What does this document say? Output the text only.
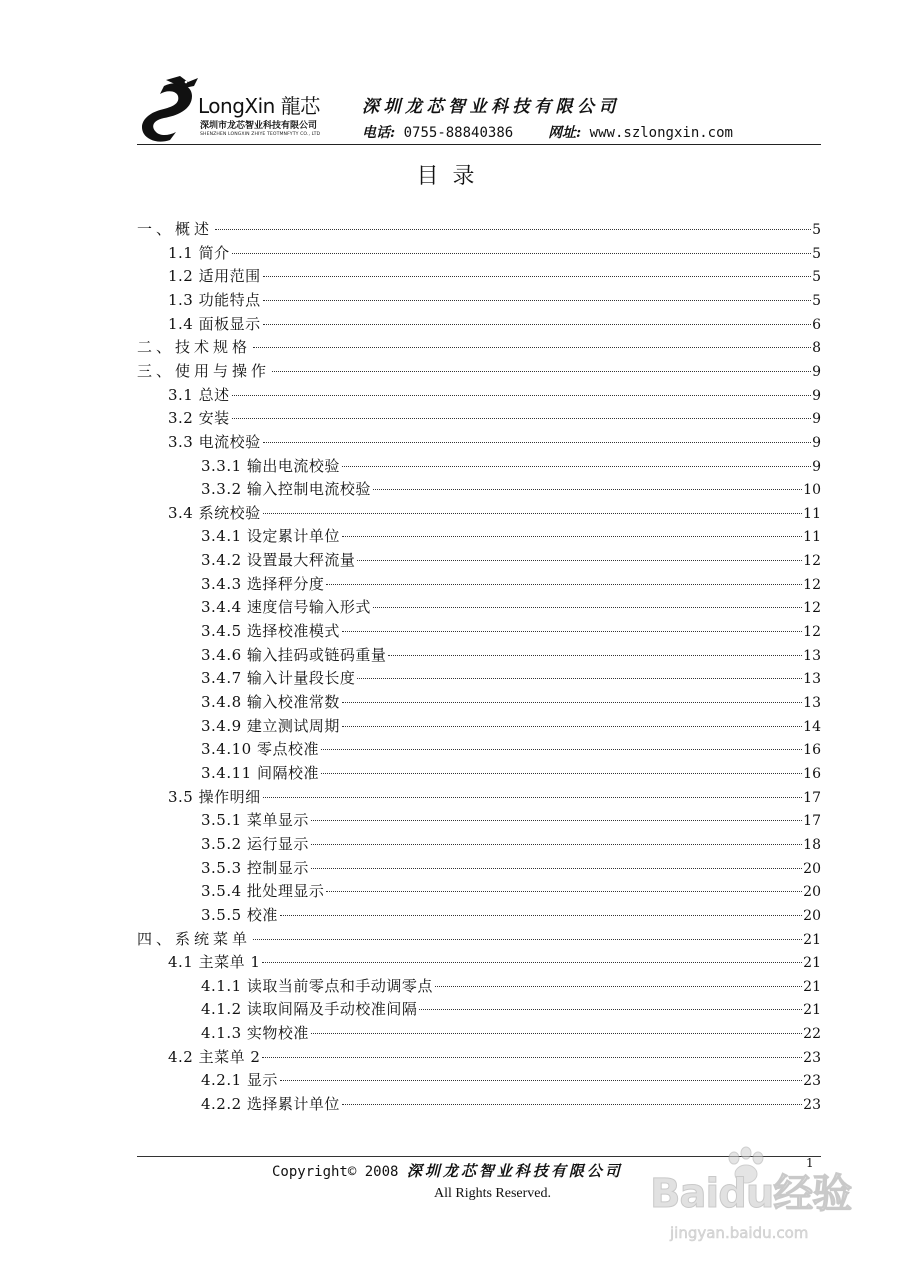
LongXin 龍芯
深圳市龙芯智业科技有限公司
SHENZHEN LONGXIN ZHIYE TEOTMNFYTY CO., LTD
深圳龙芯智业科技有限公司
电话: 0755-88840386 网址: www.szlongxin.com
目录
一、概述	5
1.1 简介	5
1.2 适用范围	5
1.3 功能特点	5
1.4 面板显示	6
二、技术规格	8
三、使用与操作	9
3.1 总述	9
3.2 安装	9
3.3 电流校验	9
3.3.1 输出电流校验	9
3.3.2 输入控制电流校验	10
3.4 系统校验	11
3.4.1 设定累计单位	11
3.4.2 设置最大秤流量	12
3.4.3 选择秤分度	12
3.4.4 速度信号输入形式	12
3.4.5 选择校准模式	12
3.4.6 输入挂码或链码重量	13
3.4.7 输入计量段长度	13
3.4.8 输入校准常数	13
3.4.9 建立测试周期	14
3.4.10 零点校准	16
3.4.11 间隔校准	16
3.5 操作明细	17
3.5.1 菜单显示	17
3.5.2 运行显示	18
3.5.3 控制显示	20
3.5.4 批处理显示	20
3.5.5 校准	20
四、系统菜单	21
4.1 主菜单 1	21
4.1.1 读取当前零点和手动调零点	21
4.1.2 读取间隔及手动校准间隔	21
4.1.3 实物校准	22
4.2 主菜单 2	23
4.2.1 显示	23
4.2.2 选择累计单位	23
Copyright© 2008 深圳龙芯智业科技有限公司	1
All Rights Reserved.	Baidu经验
jingyan.baidu.com
